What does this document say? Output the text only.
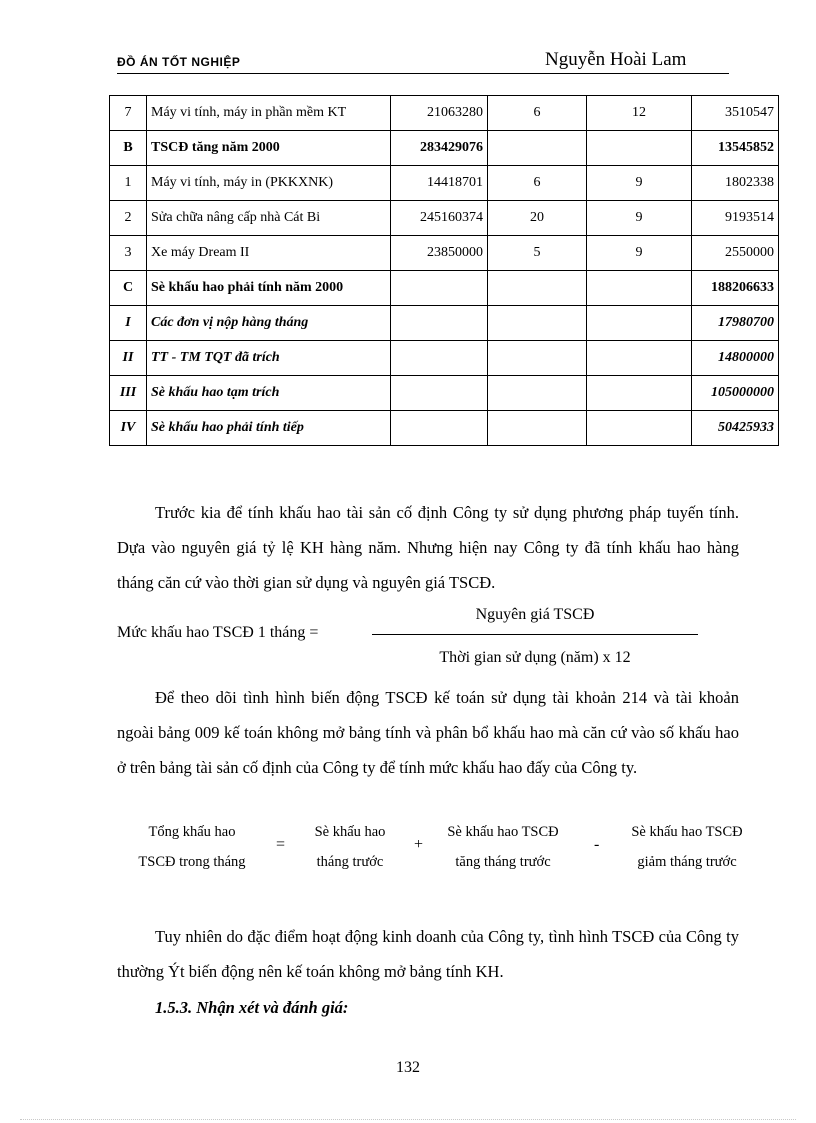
ĐỒ ÁN TỐT NGHIỆP	Nguyễn Hoài Lam
7	Máy vi tính, máy in phần mềm KT	21063280	6	12	3510547
B	TSCĐ tăng năm 2000	283429076			13545852
1	Máy vi tính, máy in (PKKXNK)	14418701	6	9	1802338
2	Sửa chữa nâng cấp nhà Cát Bi	245160374	20	9	9193514
3	Xe máy Dream II	23850000	5	9	2550000
C	Sè khấu hao phải tính năm 2000				188206633
I	Các đơn vị nộp hàng tháng				17980700
II	TT - TM TQT đã trích				14800000
III	Sè khấu hao tạm trích				105000000
IV	Sè khấu hao phải tính tiếp				50425933
Trước kia để tính khấu hao tài sản cố định Công ty sử dụng phương pháp tuyến tính. Dựa vào nguyên giá tỷ lệ KH hàng năm. Nhưng hiện nay Công ty đã tính khấu hao hàng tháng căn cứ vào thời gian sử dụng và nguyên giá TSCĐ.
Mức khấu hao TSCĐ 1 tháng =
Nguyên giá TSCĐ
Thời gian sử dụng (năm) x 12
Để theo dõi tình hình biến động TSCĐ kế toán sử dụng tài khoản 214 và tài khoản ngoài bảng 009 kế toán không mở bảng tính và phân bổ khấu hao mà căn cứ vào số khấu hao ở trên bảng tài sản cố định của Công ty để tính mức khấu hao đấy của Công ty.
Tổng khấu hao
TSCĐ trong tháng
=
Sè khấu hao
tháng trước
+
Sè khấu hao TSCĐ
tăng tháng trước
-
Sè khấu hao TSCĐ
giảm tháng trước
Tuy nhiên do đặc điểm hoạt động kinh doanh của Công ty, tình hình TSCĐ của Công ty thường Ýt biến động nên kế toán không mở bảng tính KH.
1.5.3. Nhận xét và đánh giá:
132
